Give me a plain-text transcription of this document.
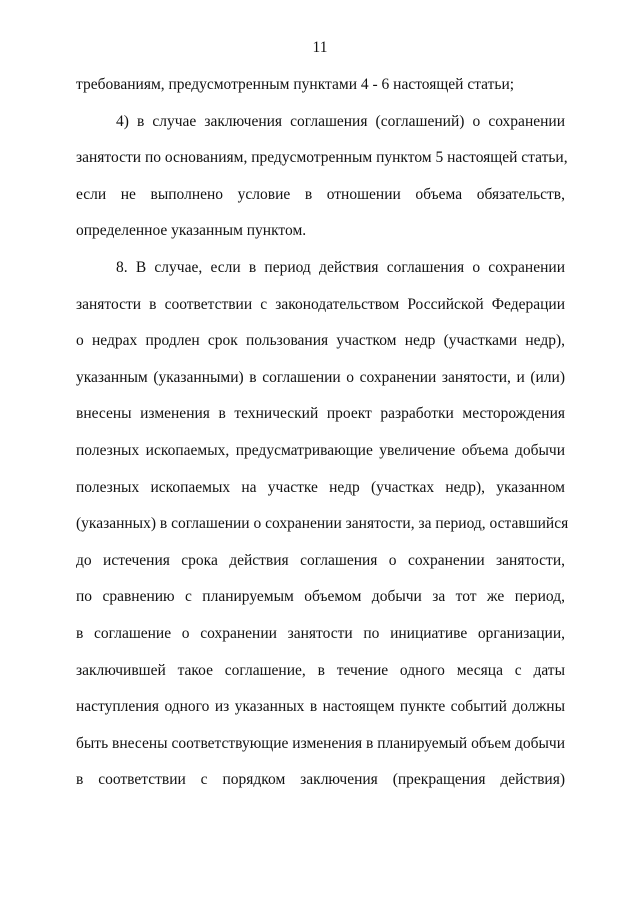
11
требованиям, предусмотренным пунктами 4 - 6 настоящей статьи;
4) в случае заключения соглашения (соглашений) о сохранении
занятости по основаниям, предусмотренным пунктом 5 настоящей статьи,
если не выполнено условие в отношении объема обязательств,
определенное указанным пунктом.
8. В случае, если в период действия соглашения о сохранении
занятости в соответствии с законодательством Российской Федерации
о недрах продлен срок пользования участком недр (участками недр),
указанным (указанными) в соглашении о сохранении занятости, и (или)
внесены изменения в технический проект разработки месторождения
полезных ископаемых, предусматривающие увеличение объема добычи
полезных ископаемых на участке недр (участках недр), указанном
(указанных) в соглашении о сохранении занятости, за период, оставшийся
до истечения срока действия соглашения о сохранении занятости,
по сравнению с планируемым объемом добычи за тот же период,
в соглашение о сохранении занятости по инициативе организации,
заключившей такое соглашение, в течение одного месяца с даты
наступления одного из указанных в настоящем пункте событий должны
быть внесены соответствующие изменения в планируемый объем добычи
в соответствии с порядком заключения (прекращения действия)
